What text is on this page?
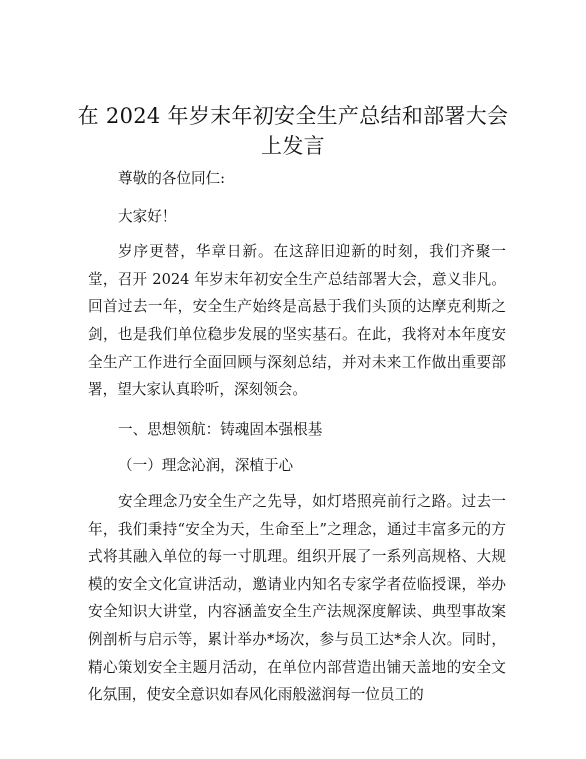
在 2024 年岁末年初安全生产总结和部署大会上发言

尊敬的各位同仁:

大家好！

岁序更替，华章日新。在这辞旧迎新的时刻，我们齐聚一堂，召开 2024 年岁末年初安全生产总结部署大会，意义非凡。回首过去一年，安全生产始终是高悬于我们头顶的达摩克利斯之剑，也是我们单位稳步发展的坚实基石。在此，我将对本年度安全生产工作进行全面回顾与深刻总结，并对未来工作做出重要部署，望大家认真聆听，深刻领会。

一、思想领航：铸魂固本强根基

（一）理念沁润，深植于心

安全理念乃安全生产之先导，如灯塔照亮前行之路。过去一年，我们秉持“安全为天，生命至上”之理念，通过丰富多元的方式将其融入单位的每一寸肌理。组织开展了一系列高规格、大规模的安全文化宣讲活动，邀请业内知名专家学者莅临授课，举办安全知识大讲堂，内容涵盖安全生产法规深度解读、典型事故案例剖析与启示等，累计举办*场次，参与员工达*余人次。同时，精心策划安全主题月活动，在单位内部营造出铺天盖地的安全文化氛围，使安全意识如春风化雨般滋润每一位员工的
